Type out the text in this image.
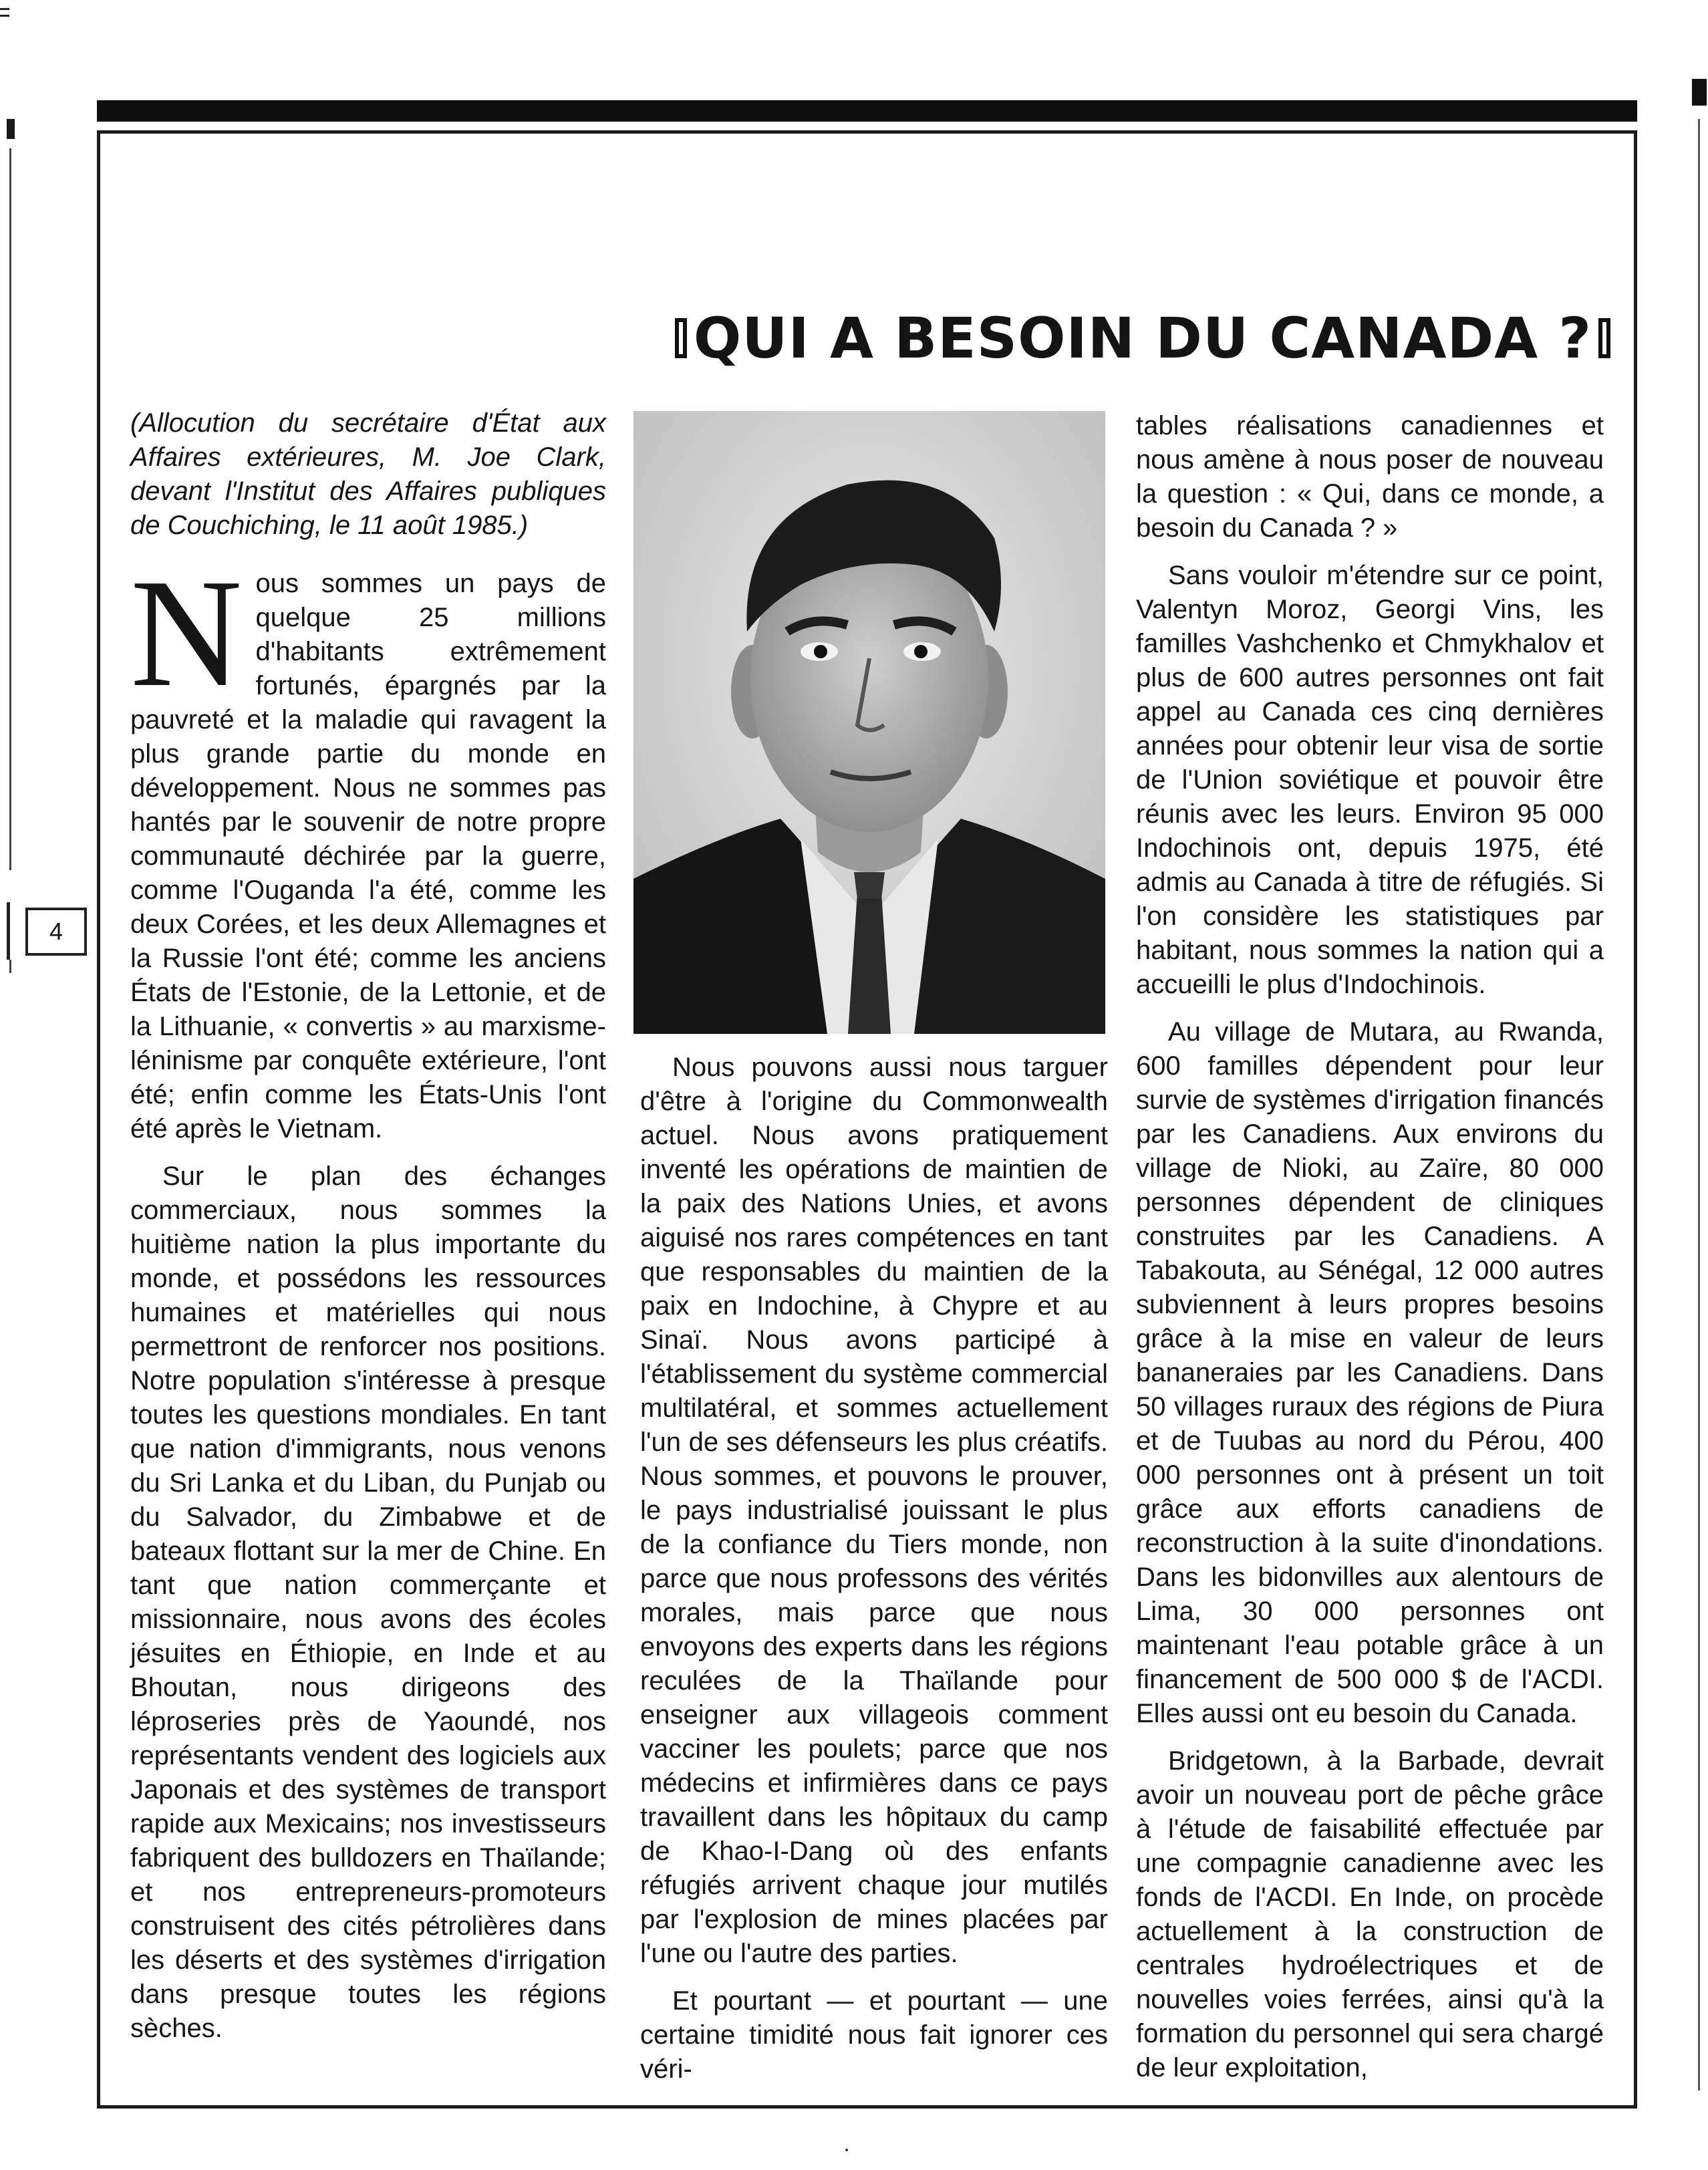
4
QUI A BESOIN DU CANADA ?

(Allocution du secrétaire d'État aux Affaires extérieures, M. Joe Clark, devant l'Institut des Affaires publiques de Couchiching, le 11 août 1985.)

Nous sommes un pays de quelque 25 millions d'habitants extrêmement fortunés, épargnés par la pauvreté et la maladie qui ravagent la plus grande partie du monde en développement. Nous ne sommes pas hantés par le souvenir de notre propre communauté déchirée par la guerre, comme l'Ouganda l'a été, comme les deux Corées, et les deux Allemagnes et la Russie l'ont été; comme les anciens États de l'Estonie, de la Lettonie, et de la Lithuanie, « convertis » au marxisme-léninisme par conquête extérieure, l'ont été; enfin comme les États-Unis l'ont été après le Vietnam.

Sur le plan des échanges commerciaux, nous sommes la huitième nation la plus importante du monde, et possédons les ressources humaines et matérielles qui nous permettront de renforcer nos positions. Notre population s'intéresse à presque toutes les questions mondiales. En tant que nation d'immigrants, nous venons du Sri Lanka et du Liban, du Punjab ou du Salvador, du Zimbabwe et de bateaux flottant sur la mer de Chine. En tant que nation commerçante et missionnaire, nous avons des écoles jésuites en Éthiopie, en Inde et au Bhoutan, nous dirigeons des léproseries près de Yaoundé, nos représentants vendent des logiciels aux Japonais et des systèmes de transport rapide aux Mexicains; nos investisseurs fabriquent des bulldozers en Thaïlande; et nos entrepreneurs-promoteurs construisent des cités pétrolières dans les déserts et des systèmes d'irrigation dans presque toutes les régions sèches.

Nous pouvons aussi nous targuer d'être à l'origine du Commonwealth actuel. Nous avons pratiquement inventé les opérations de maintien de la paix des Nations Unies, et avons aiguisé nos rares compétences en tant que responsables du maintien de la paix en Indochine, à Chypre et au Sinaï. Nous avons participé à l'établissement du système commercial multilatéral, et sommes actuellement l'un de ses défenseurs les plus créatifs. Nous sommes, et pouvons le prouver, le pays industrialisé jouissant le plus de la confiance du Tiers monde, non parce que nous professons des vérités morales, mais parce que nous envoyons des experts dans les régions reculées de la Thaïlande pour enseigner aux villageois comment vacciner les poulets; parce que nos médecins et infirmières dans ce pays travaillent dans les hôpitaux du camp de Khao-I-Dang où des enfants réfugiés arrivent chaque jour mutilés par l'explosion de mines placées par l'une ou l'autre des parties.

Et pourtant — et pourtant — une certaine timidité nous fait ignorer ces véri-

tables réalisations canadiennes et nous amène à nous poser de nouveau la question : « Qui, dans ce monde, a besoin du Canada ? »

Sans vouloir m'étendre sur ce point, Valentyn Moroz, Georgi Vins, les familles Vashchenko et Chmykhalov et plus de 600 autres personnes ont fait appel au Canada ces cinq dernières années pour obtenir leur visa de sortie de l'Union soviétique et pouvoir être réunis avec les leurs. Environ 95 000 Indochinois ont, depuis 1975, été admis au Canada à titre de réfugiés. Si l'on considère les statistiques par habitant, nous sommes la nation qui a accueilli le plus d'Indochinois.

Au village de Mutara, au Rwanda, 600 familles dépendent pour leur survie de systèmes d'irrigation financés par les Canadiens. Aux environs du village de Nioki, au Zaïre, 80 000 personnes dépendent de cliniques construites par les Canadiens. A Tabakouta, au Sénégal, 12 000 autres subviennent à leurs propres besoins grâce à la mise en valeur de leurs bananeraies par les Canadiens. Dans 50 villages ruraux des régions de Piura et de Tuubas au nord du Pérou, 400 000 personnes ont à présent un toit grâce aux efforts canadiens de reconstruction à la suite d'inondations. Dans les bidonvilles aux alentours de Lima, 30 000 personnes ont maintenant l'eau potable grâce à un financement de 500 000 $ de l'ACDI. Elles aussi ont eu besoin du Canada.

Bridgetown, à la Barbade, devrait avoir un nouveau port de pêche grâce à l'étude de faisabilité effectuée par une compagnie canadienne avec les fonds de l'ACDI. En Inde, on procède actuellement à la construction de centrales hydroélectriques et de nouvelles voies ferrées, ainsi qu'à la formation du personnel qui sera chargé de leur exploitation,
